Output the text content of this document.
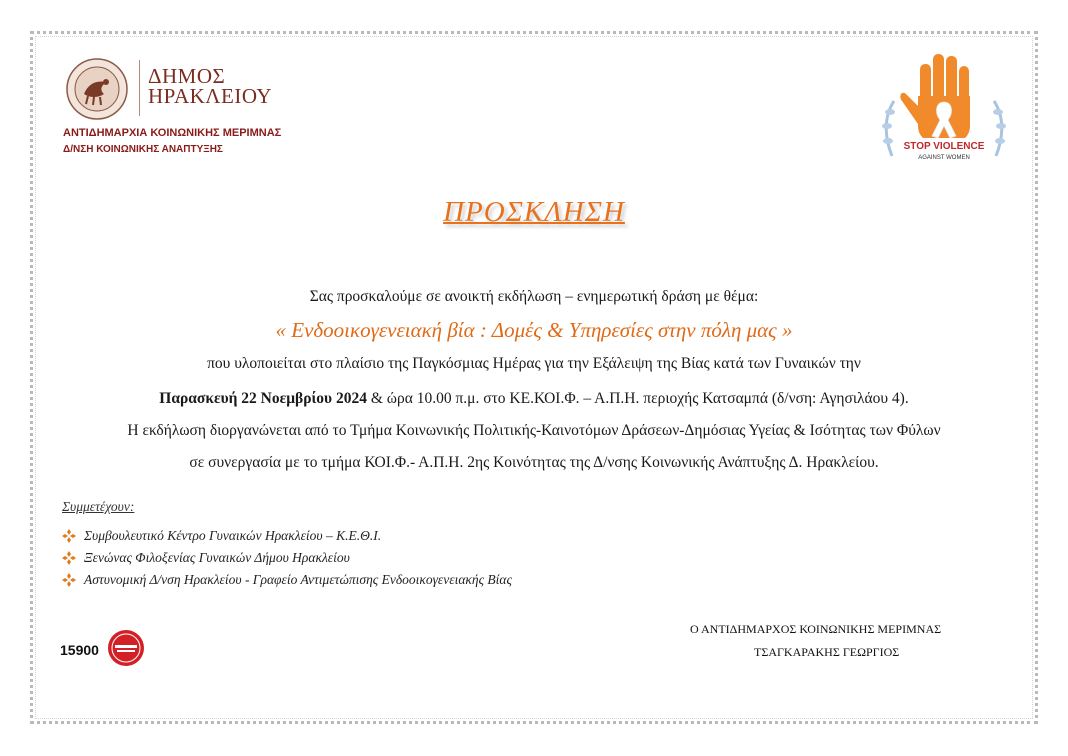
ΔΗΜΟΣ
ΗΡΑΚΛΕΙΟΥ
ΑΝΤΙΔΗΜΑΡΧΙΑ ΚΟΙΝΩΝΙΚΗΣ ΜΕΡΙΜΝΑΣ
Δ/ΝΣΗ ΚΟΙΝΩΝΙΚΗΣ ΑΝΑΠΤΥΞΗΣ	STOP VIOLENCE
AGAINST WOMEN
ΠΡΟΣΚΛΗΣΗ
Σας προσκαλούμε σε ανοικτή εκδήλωση – ενημερωτική δράση με θέμα:
« Ενδοοικογενειακή βία : Δομές & Υπηρεσίες στην πόλη μας »
που υλοποιείται στο πλαίσιο της Παγκόσμιας Ημέρας για την Εξάλειψη της Βίας κατά των Γυναικών την
Παρασκευή 22 Νοεμβρίου 2024 & ώρα 10.00 π.μ. στο ΚΕ.ΚΟΙ.Φ. – Α.Π.Η. περιοχής Κατσαμπά (δ/νση: Αγησιλάου 4).
Η εκδήλωση διοργανώνεται από το Τμήμα Κοινωνικής Πολιτικής-Καινοτόμων Δράσεων-Δημόσιας Υγείας & Ισότητας των Φύλων
σε συνεργασία με το τμήμα ΚΟΙ.Φ.- Α.Π.Η. 2ης Κοινότητας της Δ/νσης Κοινωνικής Ανάπτυξης Δ. Ηρακλείου.
Συμμετέχουν:
Συμβουλευτικό Κέντρο Γυναικών Ηρακλείου – Κ.Ε.Θ.Ι.
Ξενώνας Φιλοξενίας Γυναικών Δήμου Ηρακλείου
Αστυνομική Δ/νση Ηρακλείου - Γραφείο Αντιμετώπισης Ενδοοικογενειακής Βίας
15900
Ο ΑΝΤΙΔΗΜΑΡΧΟΣ ΚΟΙΝΩΝΙΚΗΣ ΜΕΡΙΜΝΑΣ
ΤΣΑΓΚΑΡΑΚΗΣ ΓΕΩΡΓΙΟΣ
